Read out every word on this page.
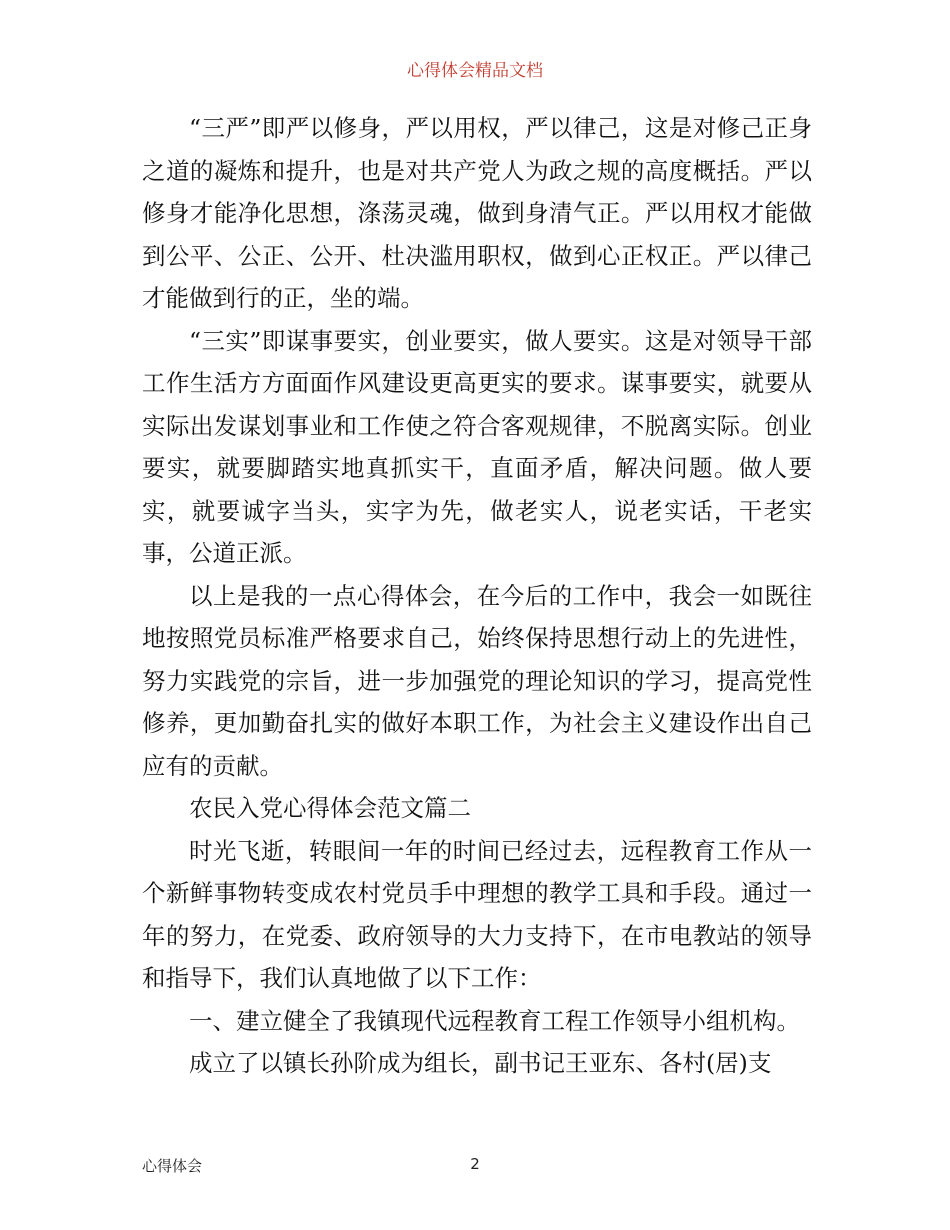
心得体会精品文档

“三严”即严以修身，严以用权，严以律己，这是对修己正身之道的凝炼和提升，也是对共产党人为政之规的高度概括。严以修身才能净化思想，涤荡灵魂，做到身清气正。严以用权才能做到公平、公正、公开、杜决滥用职权，做到心正权正。严以律己才能做到行的正，坐的端。

“三实”即谋事要实，创业要实，做人要实。这是对领导干部工作生活方方面面作风建设更高更实的要求。谋事要实，就要从实际出发谋划事业和工作使之符合客观规律，不脱离实际。创业要实，就要脚踏实地真抓实干，直面矛盾，解决问题。做人要实，就要诚字当头，实字为先，做老实人，说老实话，干老实事，公道正派。

以上是我的一点心得体会，在今后的工作中，我会一如既往地按照党员标准严格要求自己，始终保持思想行动上的先进性，努力实践党的宗旨，进一步加强党的理论知识的学习，提高党性修养，更加勤奋扎实的做好本职工作，为社会主义建设作出自己应有的贡献。

农民入党心得体会范文篇二

时光飞逝，转眼间一年的时间已经过去，远程教育工作从一个新鲜事物转变成农村党员手中理想的教学工具和手段。通过一年的努力，在党委、政府领导的大力支持下，在市电教站的领导和指导下，我们认真地做了以下工作：

一、建立健全了我镇现代远程教育工程工作领导小组机构。

成立了以镇长孙阶成为组长，副书记王亚东、各村(居)支

心得体会	2
